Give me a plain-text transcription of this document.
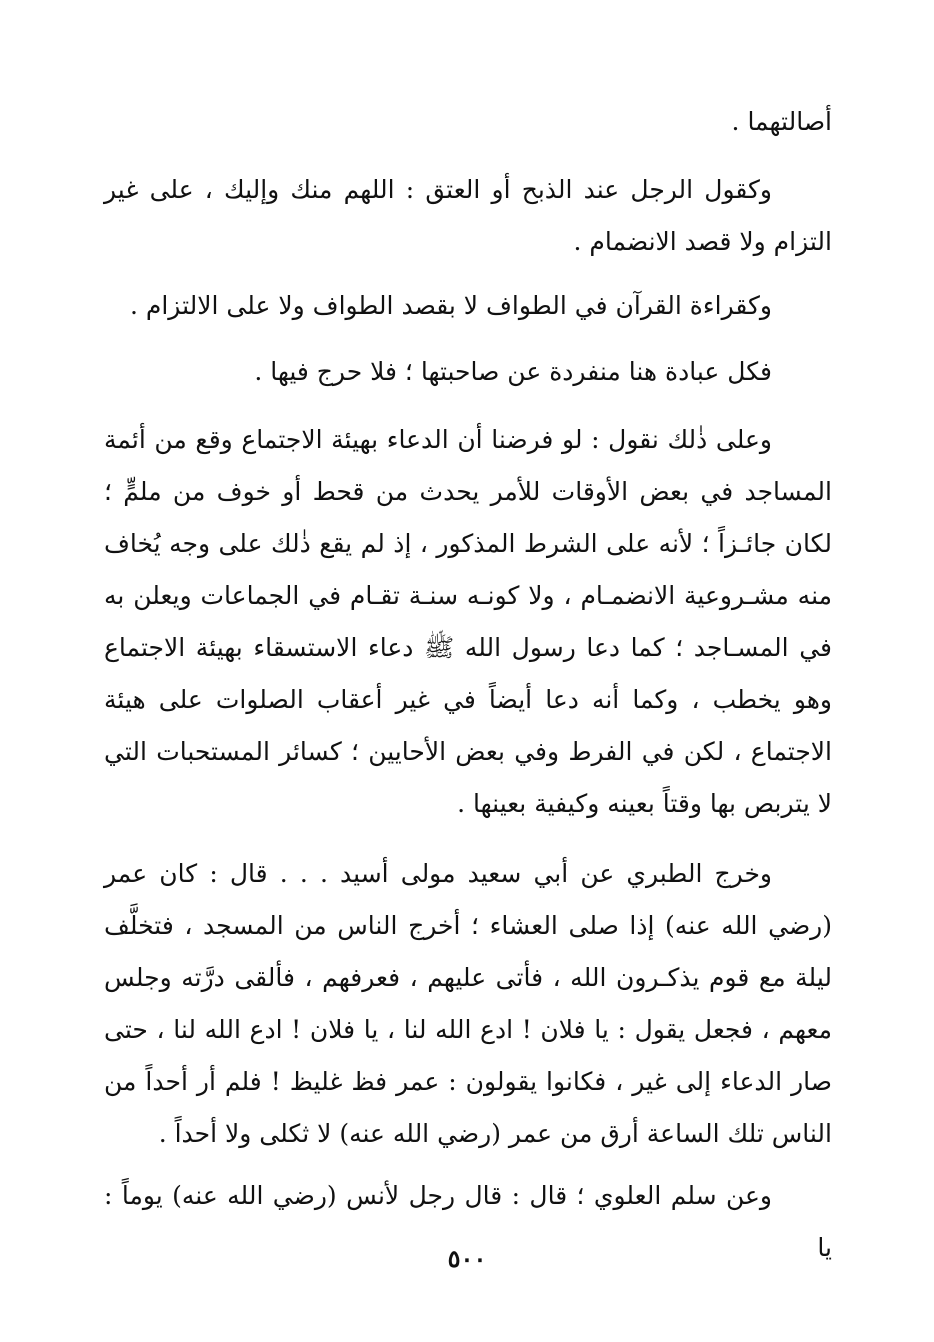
أصالتهما .

وكقول الرجل عند الذبح أو العتق : اللهم منك وإليك ، على غير التزام ولا قصد الانضمام .

وكقراءة القرآن في الطواف لا بقصد الطواف ولا على الالتزام .

فكل عبادة هنا منفردة عن صاحبتها ؛ فلا حرج فيها .

وعلى ذٰلك نقول : لو فرضنا أن الدعاء بهيئة الاجتماع وقع من أئمة المساجد في بعض الأوقات للأمر يحدث من قحط أو خوف من ملمٍّ ؛ لكان جائـزاً ؛ لأنه على الشرط المذكور ، إذ لم يقع ذٰلك على وجه يُخاف منه مشـروعية الانضمـام ، ولا كونـه سنـة تقـام في الجماعات ويعلن به في المسـاجد ؛ كما دعا رسول الله ﷺ دعاء الاستسقاء بهيئة الاجتماع وهو يخطب ، وكما أنه دعا أيضاً في غير أعقاب الصلوات على هيئة الاجتماع ، لكن في الفرط وفي بعض الأحايين ؛ كسائر المستحبات التي لا يتربص بها وقتاً بعينه وكيفية بعينها .

وخرج الطبري عن أبي سعيد مولى أسيد . . . قال : كان عمر (رضي الله عنه) إذا صلى العشاء ؛ أخرج الناس من المسجد ، فتخلَّف ليلة مع قوم يذكـرون الله ، فأتى عليهم ، فعرفهم ، فألقى درَّته وجلس معهم ، فجعل يقول : يا فلان ! ادع الله لنا ، يا فلان ! ادع الله لنا ، حتى صار الدعاء إلى غير ، فكانوا يقولون : عمر فظ غليظ ! فلم أر أحداً من الناس تلك الساعة أرق من عمر (رضي الله عنه) لا ثكلى ولا أحداً .

وعن سلم العلوي ؛ قال : قال رجل لأنس (رضي الله عنه) يوماً : يا

٥٠٠
